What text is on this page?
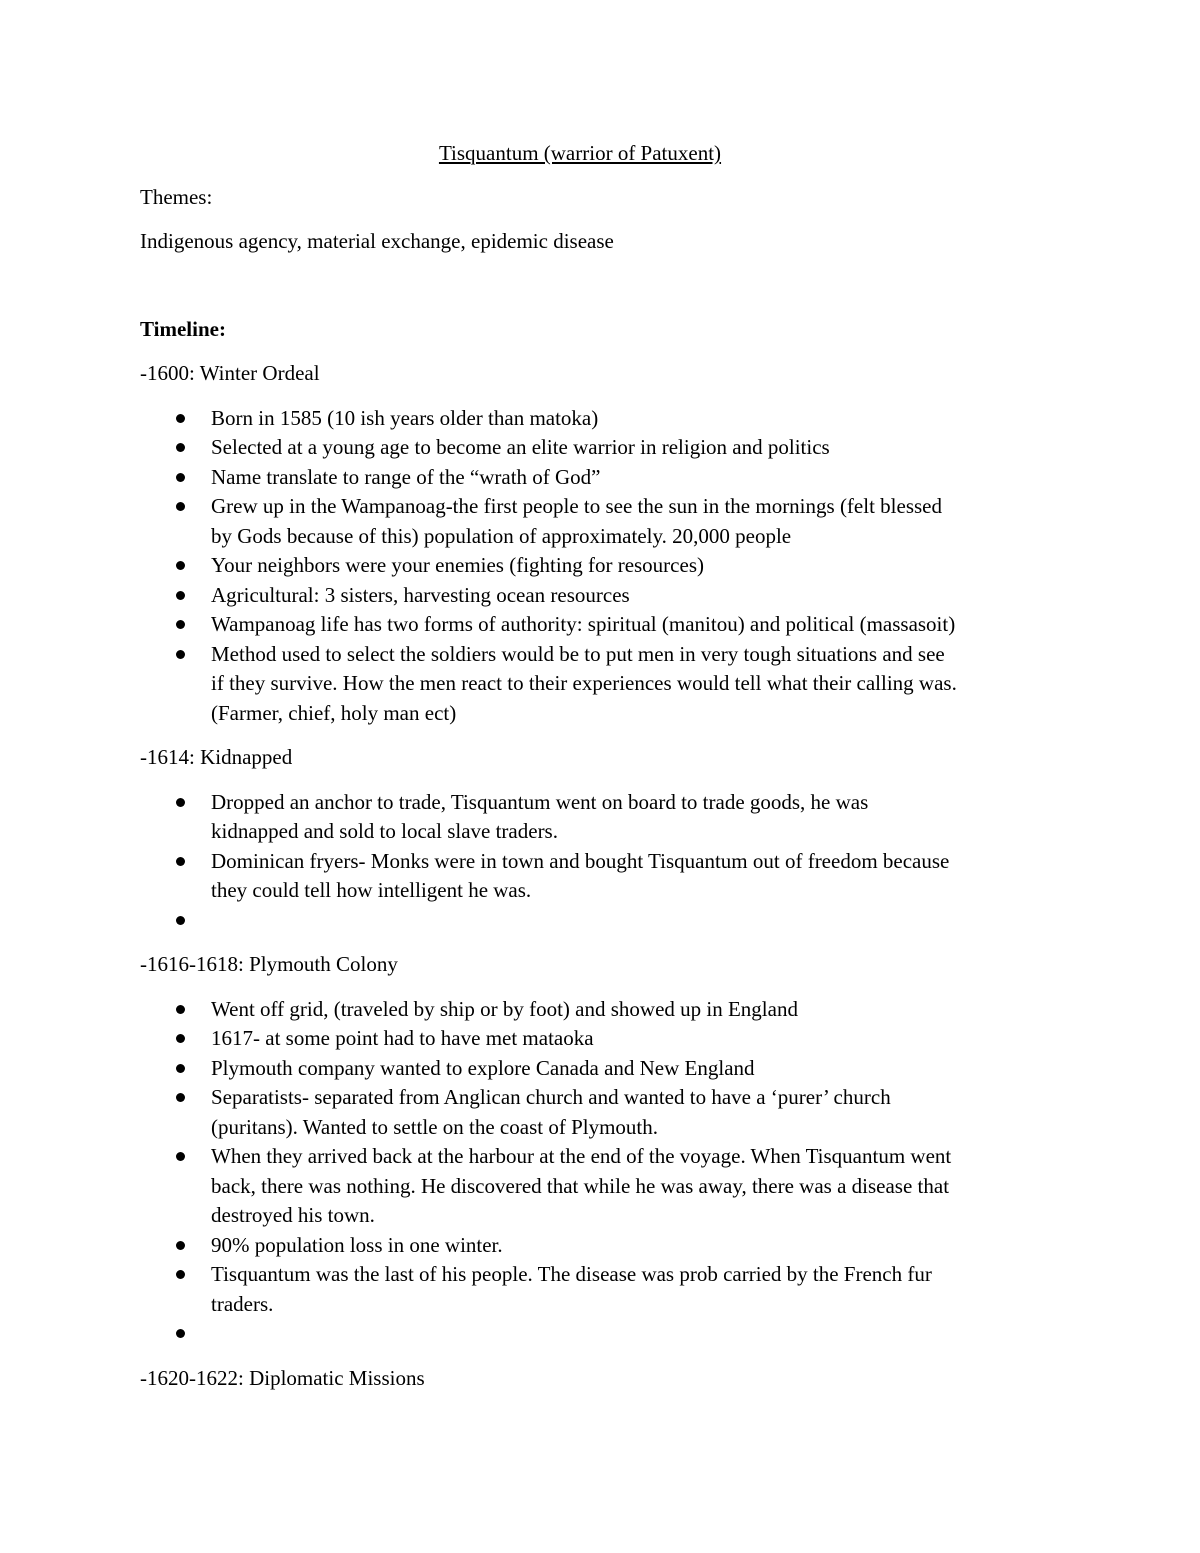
Tisquantum (warrior of Patuxent)
Themes:
Indigenous agency, material exchange, epidemic disease
Timeline:
-1600: Winter Ordeal
Born in 1585 (10 ish years older than matoka)
Selected at a young age to become an elite warrior in religion and politics
Name translate to range of the “wrath of God”
Grew up in the Wampanoag-the first people to see the sun in the mornings (felt blessed by Gods because of this) population of approximately. 20,000 people
Your neighbors were your enemies (fighting for resources)
Agricultural: 3 sisters, harvesting ocean resources
Wampanoag life has two forms of authority: spiritual (manitou) and political (massasoit)
Method used to select the soldiers would be to put men in very tough situations and see if they survive. How the men react to their experiences would tell what their calling was. (Farmer, chief, holy man ect)
-1614: Kidnapped
Dropped an anchor to trade, Tisquantum went on board to trade goods, he was kidnapped and sold to local slave traders.
Dominican fryers- Monks were in town and bought Tisquantum out of freedom because they could tell how intelligent he was.
-1616-1618: Plymouth Colony
Went off grid, (traveled by ship or by foot) and showed up in England
1617- at some point had to have met mataoka
Plymouth company wanted to explore Canada and New England
Separatists- separated from Anglican church and wanted to have a ‘purer’ church (puritans). Wanted to settle on the coast of Plymouth.
When they arrived back at the harbour at the end of the voyage. When Tisquantum went back, there was nothing. He discovered that while he was away, there was a disease that destroyed his town.
90% population loss in one winter.
Tisquantum was the last of his people. The disease was prob carried by the French fur traders.
-1620-1622: Diplomatic Missions
